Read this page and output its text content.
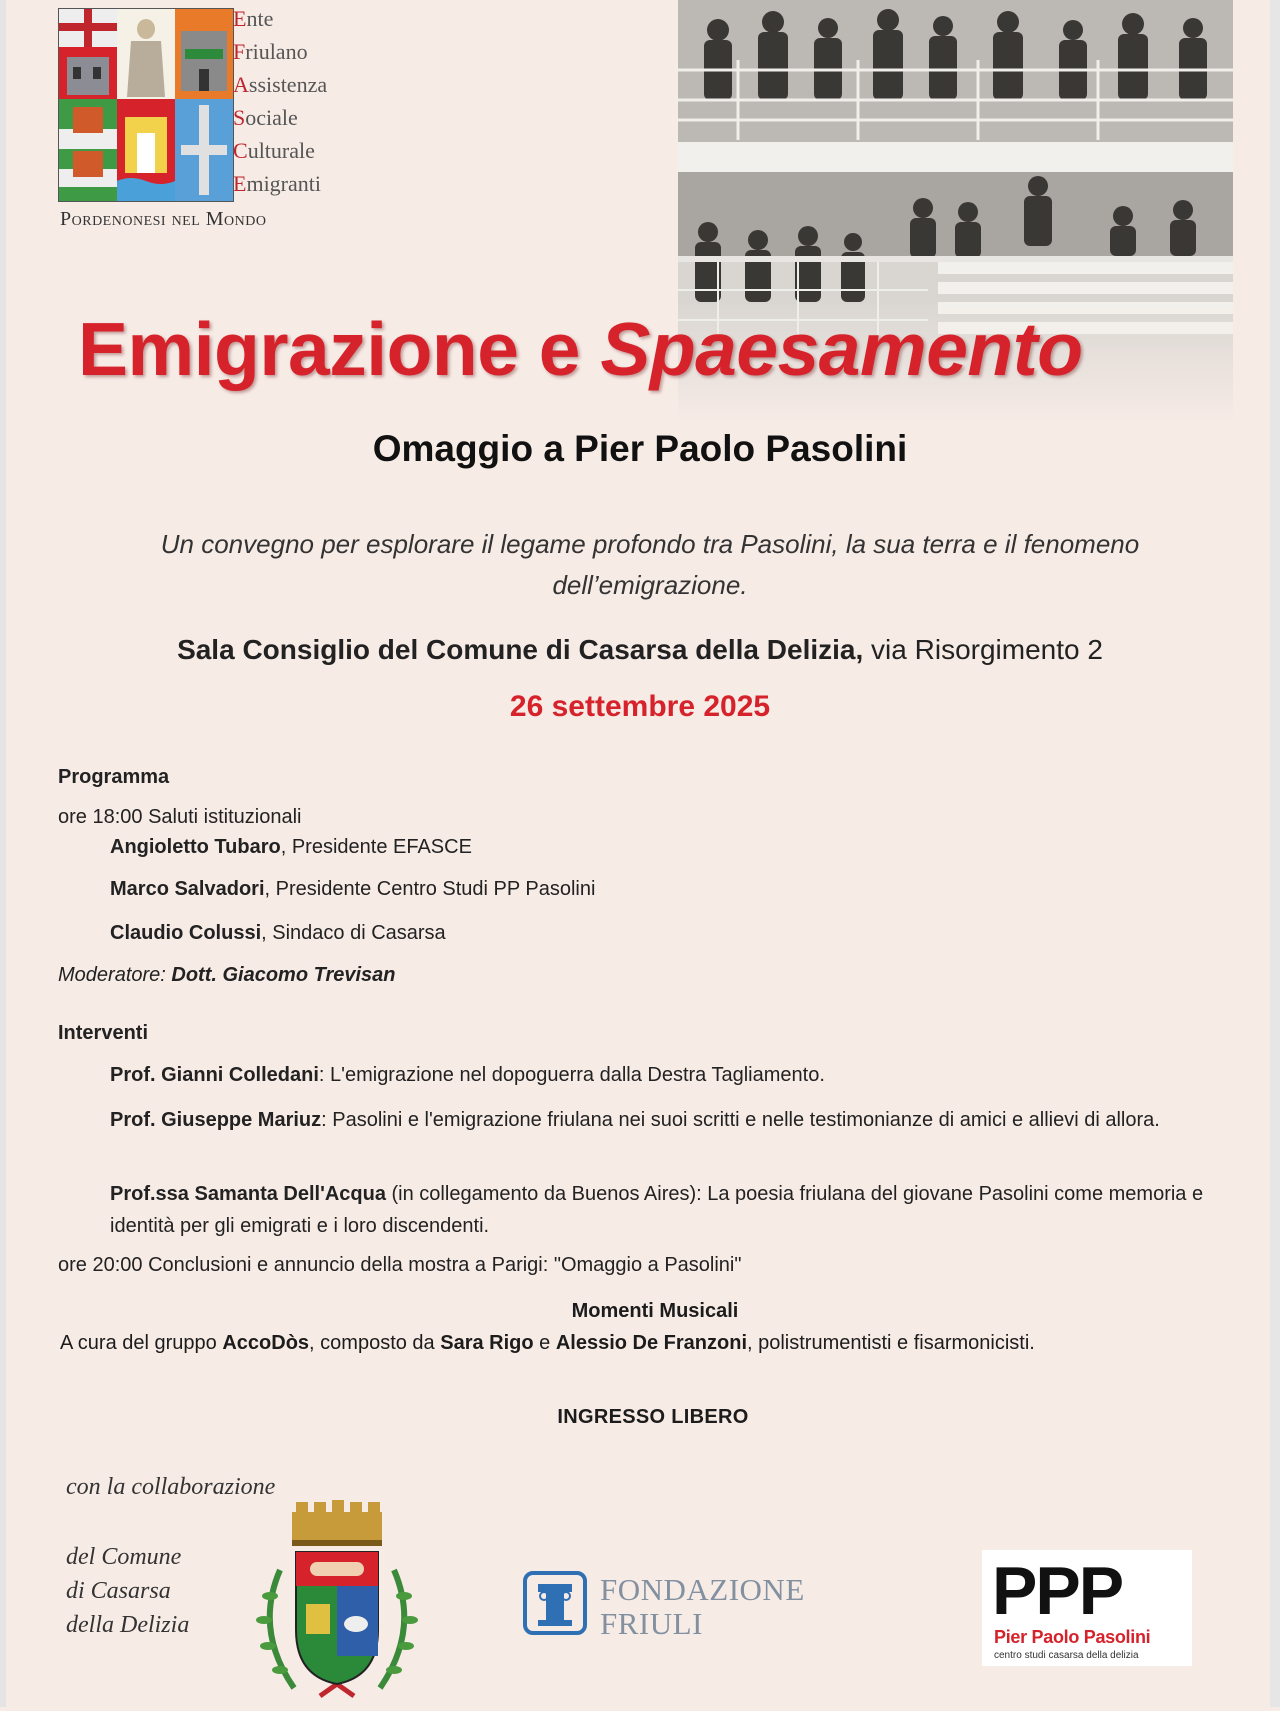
Ente
Friulano
Assistenza
Sociale
Culturale
Emigranti
Pordenonesi nel Mondo
Emigrazione e Spaesamento
Omaggio a Pier Paolo Pasolini
Un convegno per esplorare il legame profondo tra Pasolini, la sua terra e il fenomeno
dell’emigrazione.
Sala Consiglio del Comune di Casarsa della Delizia, via Risorgimento 2
26 settembre 2025
Programma
ore 18:00 Saluti istituzionali
Angioletto Tubaro, Presidente EFASCE
Marco Salvadori, Presidente Centro Studi PP Pasolini
Claudio Colussi, Sindaco di Casarsa
Moderatore: Dott. Giacomo Trevisan
Interventi
Prof. Gianni Colledani: L'emigrazione nel dopoguerra dalla Destra Tagliamento.
Prof. Giuseppe Mariuz: Pasolini e l'emigrazione friulana nei suoi scritti e nelle testimonianze di amici e allievi di allora.
Prof.ssa Samanta Dell'Acqua (in collegamento da Buenos Aires): La poesia friulana del giovane Pasolini come memoria e identità per gli emigrati e i loro discendenti.
ore 20:00 Conclusioni e annuncio della mostra a Parigi: "Omaggio a Pasolini"
Momenti Musicali
A cura del gruppo AccoDòs, composto da Sara Rigo e Alessio De Franzoni, polistrumentisti e fisarmonicisti.
INGRESSO LIBERO
con la collaborazione
del Comune
di Casarsa
della Delizia
FONDAZIONE
FRIULI	PPP
Pier Paolo Pasolini
centro studi casarsa della delizia
